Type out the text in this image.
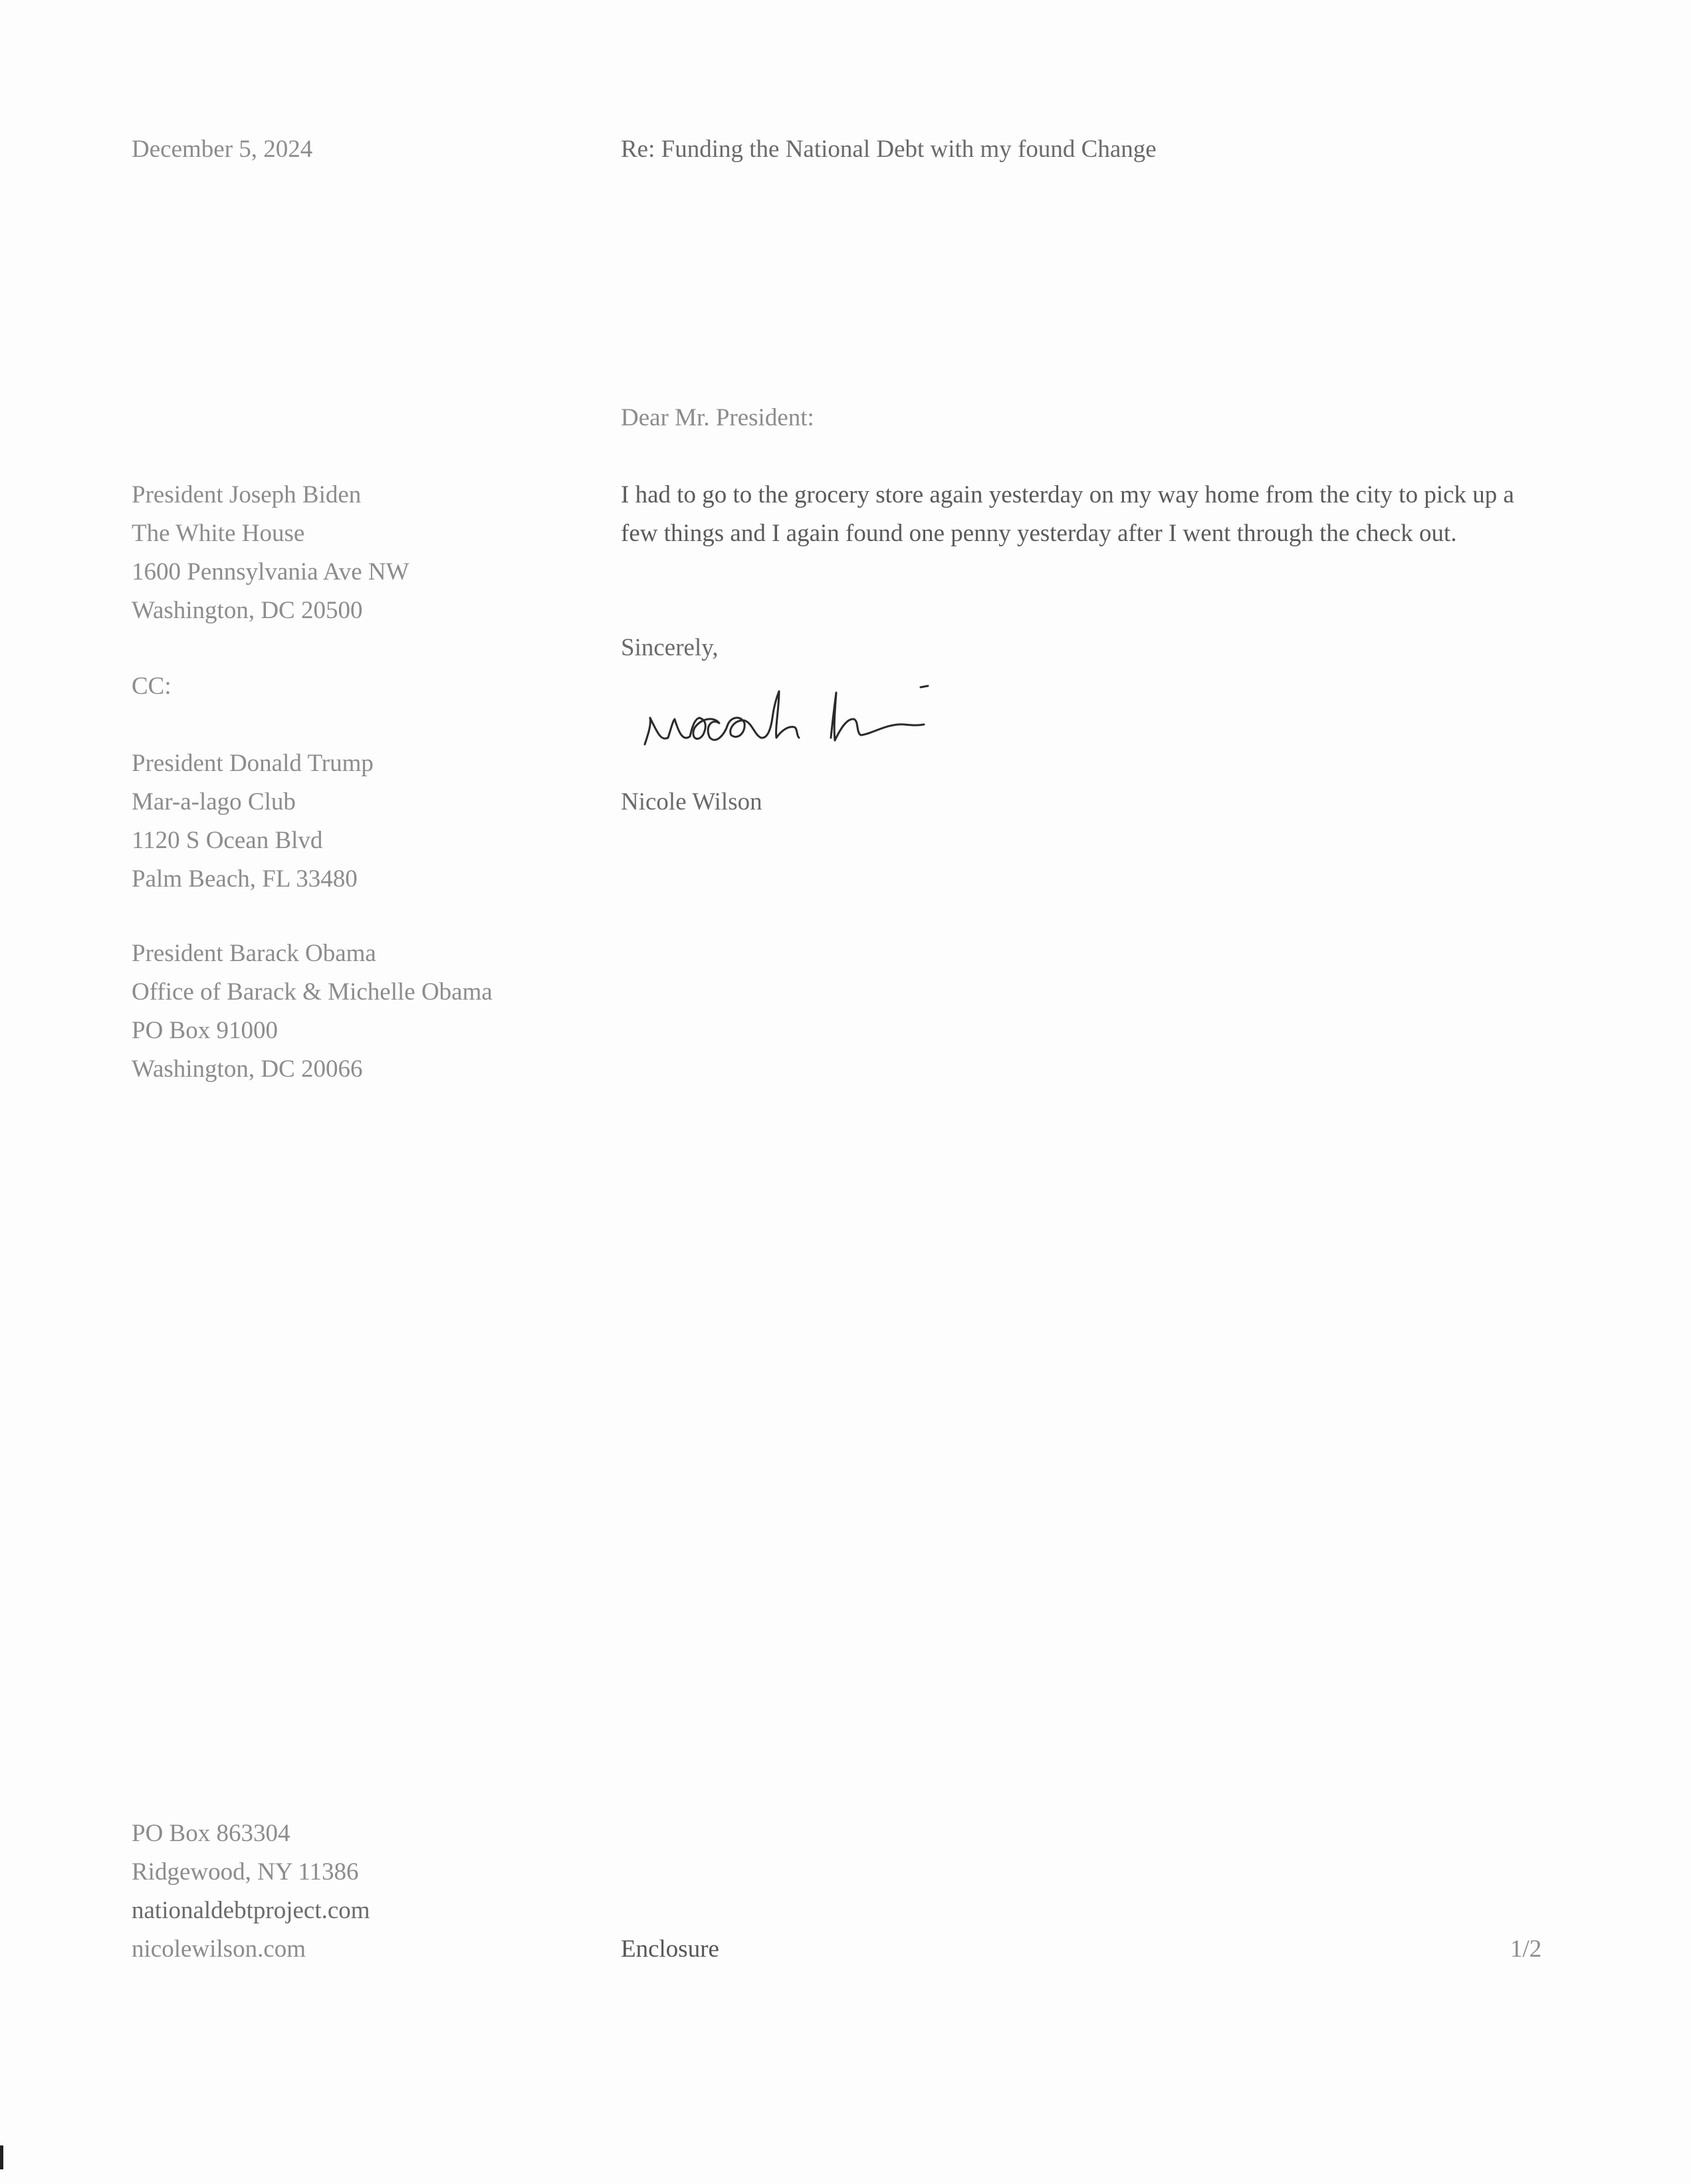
December 5, 2024	Re: Funding the National Debt with my found Change
Dear Mr. President:
President Joseph Biden
The White House
1600 Pennsylvania Ave NW
Washington, DC 20500
I had to go to the grocery store again yesterday on my way home from the city to pick up a few things and I again found one penny yesterday after I went through the check out.
Sincerely,
Nicole Wilson
CC:
President Donald Trump
Mar-a-lago Club
1120 S Ocean Blvd
Palm Beach, FL 33480
President Barack Obama
Office of Barack & Michelle Obama
PO Box 91000
Washington, DC 20066
PO Box 863304
Ridgewood, NY 11386
nationaldebtproject.com
nicolewilson.com	Enclosure	1/2
